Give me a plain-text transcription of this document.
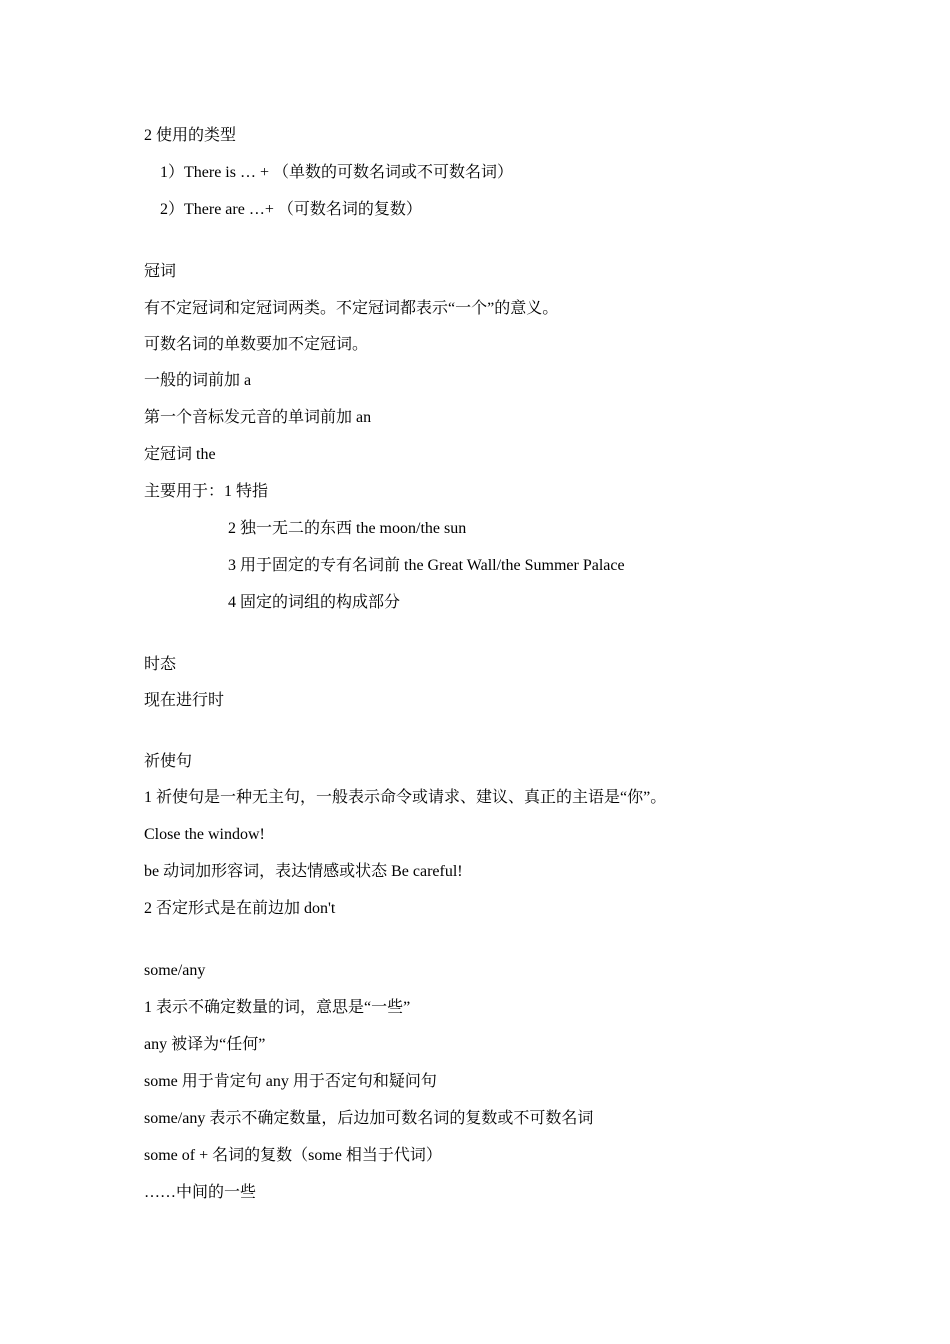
2 使用的类型
1）There is … + （单数的可数名词或不可数名词）
2）There are …+ （可数名词的复数）
冠词
有不定冠词和定冠词两类。不定冠词都表示“一个”的意义。
可数名词的单数要加不定冠词。
一般的词前加 a
第一个音标发元音的单词前加 an
定冠词 the
主要用于：1 特指
2 独一无二的东西 the moon/the sun
3 用于固定的专有名词前 the Great Wall/the Summer Palace
4 固定的词组的构成部分
时态
现在进行时
祈使句
1 祈使句是一种无主句，一般表示命令或请求、建议、真正的主语是“你”。
Close the window!
be 动词加形容词，表达情感或状态 Be careful!
2 否定形式是在前边加 don't
some/any
1 表示不确定数量的词，意思是“一些”
any 被译为“任何”
some 用于肯定句 any 用于否定句和疑问句
some/any 表示不确定数量，后边加可数名词的复数或不可数名词
some of + 名词的复数（some 相当于代词）
……中间的一些
